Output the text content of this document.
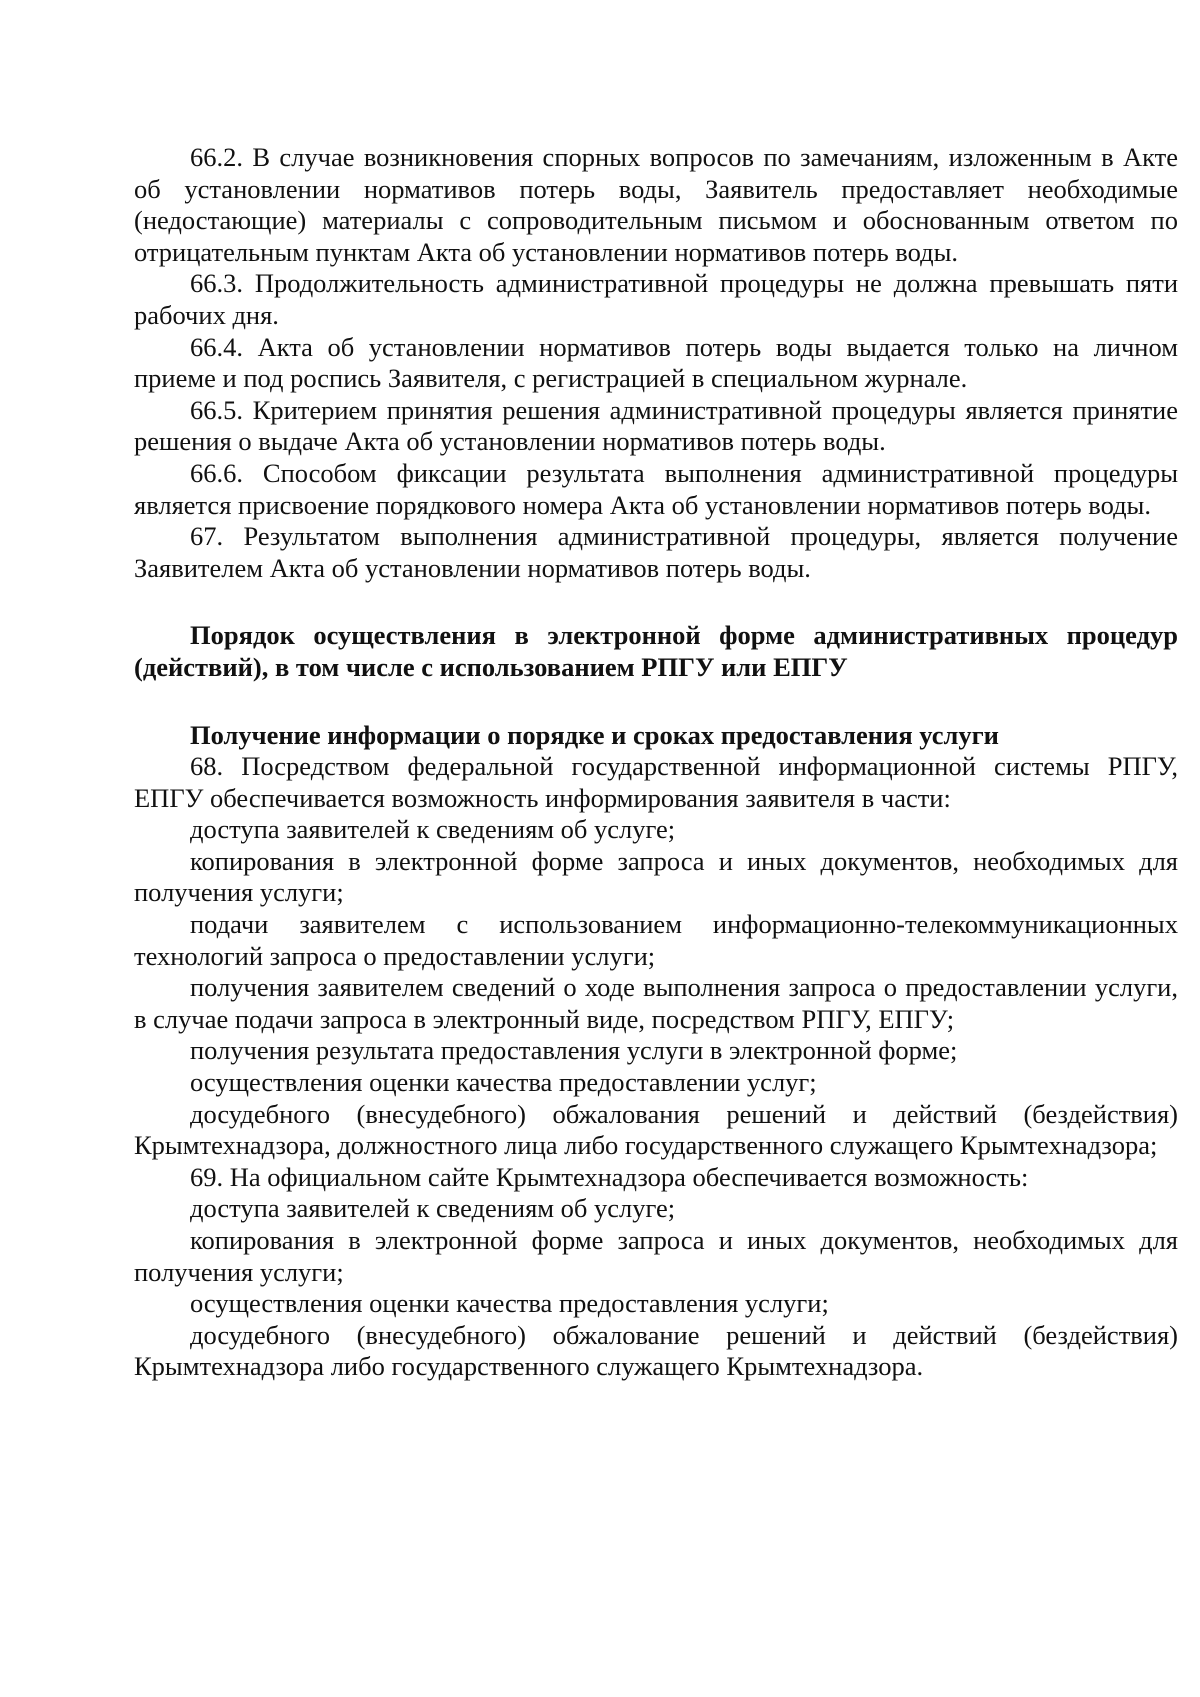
66.2. В случае возникновения спорных вопросов по замечаниям, изложенным в Акте об установлении нормативов потерь воды, Заявитель предоставляет необходимые (недостающие) материалы с сопроводительным письмом и обоснованным ответом по отрицательным пунктам Акта об установлении нормативов потерь воды.

66.3. Продолжительность административной процедуры не должна превышать пяти рабочих дня.

66.4. Акта об установлении нормативов потерь воды выдается только на личном приеме и под роспись Заявителя, с регистрацией в специальном журнале.

66.5. Критерием принятия решения административной процедуры является принятие решения о выдаче Акта об установлении нормативов потерь воды.

66.6. Способом фиксации результата выполнения административной процедуры является присвоение порядкового номера Акта об установлении нормативов потерь воды.

67. Результатом выполнения административной процедуры, является получение Заявителем Акта об установлении нормативов потерь воды.

Порядок осуществления в электронной форме административных процедур (действий), в том числе с использованием РПГУ или ЕПГУ

Получение информации о порядке и сроках предоставления услуги

68. Посредством федеральной государственной информационной системы РПГУ, ЕПГУ обеспечивается возможность информирования заявителя в части:

доступа заявителей к сведениям об услуге;

копирования в электронной форме запроса и иных документов, необходимых для получения услуги;

подачи заявителем с использованием информационно-телекоммуникационных технологий запроса о предоставлении услуги;

получения заявителем сведений о ходе выполнения запроса о предоставлении услуги, в случае подачи запроса в электронный виде, посредством РПГУ, ЕПГУ;

получения результата предоставления услуги в электронной форме;

осуществления оценки качества предоставлении услуг;

досудебного (внесудебного) обжалования решений и действий (бездействия) Крымтехнадзора, должностного лица либо государственного служащего Крымтехнадзора;

69. На официальном сайте Крымтехнадзора обеспечивается возможность:

доступа заявителей к сведениям об услуге;

копирования в электронной форме запроса и иных документов, необходимых для получения услуги;

осуществления оценки качества предоставления услуги;

досудебного (внесудебного) обжалование решений и действий (бездействия) Крымтехнадзора либо государственного служащего Крымтехнадзора.
